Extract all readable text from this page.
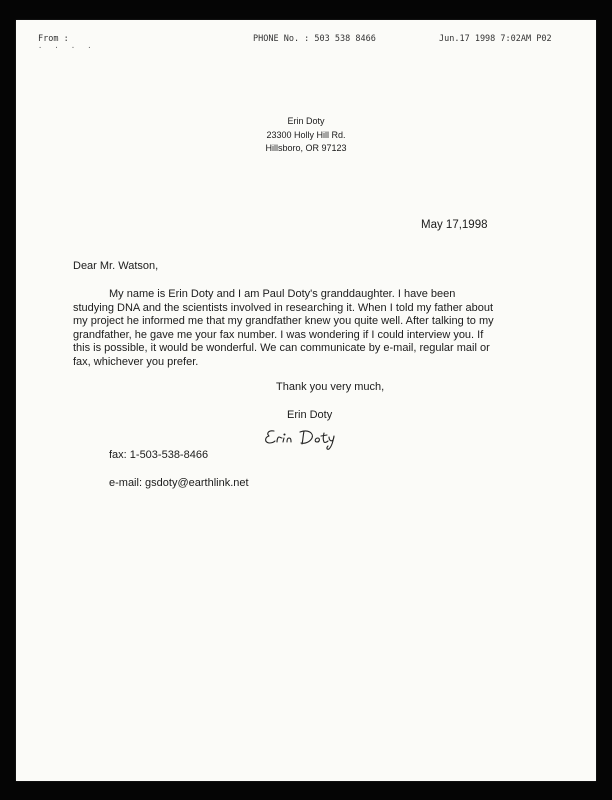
From :
· · · ·
PHONE No. : 503 538 8466	Jun.17 1998 7:02AM P02
Erin Doty
23300 Holly Hill Rd.
Hillsboro, OR 97123
May 17,1998
Dear Mr. Watson,
My name is Erin Doty and I am Paul Doty's granddaughter. I have been
studying DNA and the scientists involved in researching it. When I told my father about
my project he informed me that my grandfather knew you quite well. After talking to my
grandfather, he gave me your fax number. I was wondering if I could interview you. If
this is possible, it would be wonderful. We can communicate by e-mail, regular mail or
fax, whichever you prefer.
Thank you very much,
Erin Doty
fax: 1-503-538-8466
e-mail: gsdoty@earthlink.net
